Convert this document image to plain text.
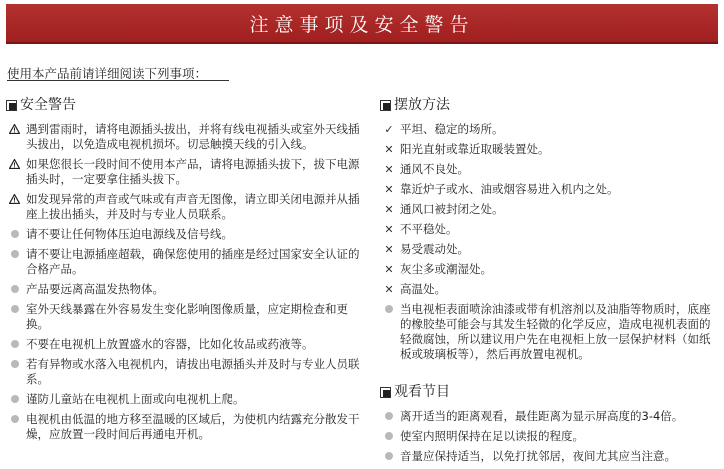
注意事项及安全警告
使用本产品前请详细阅读下列事项：
安全警告
遇到雷雨时，请将电源插头拔出，并将有线电视插头或室外天线插头拔出，以免造成电视机损坏。切忌触摸天线的引入线。
如果您很长一段时间不使用本产品，请将电源插头拔下，拔下电源插头时，一定要拿住插头拔下。
如发现异常的声音或气味或有声音无图像，请立即关闭电源并从插座上拔出插头，并及时与专业人员联系。
请不要让任何物体压迫电源线及信号线。
请不要让电源插座超载，确保您使用的插座是经过国家安全认证的合格产品。
产品要远离高温发热物体。
室外天线暴露在外容易发生变化影响图像质量，应定期检查和更换。
不要在电视机上放置盛水的容器，比如化妆品或药液等。
若有异物或水落入电视机内，请拔出电源插头并及时与专业人员联系。
谨防儿童站在电视机上面或向电视机上爬。
电视机由低温的地方移至温暖的区域后，为使机内结露充分散发干燥，应放置一段时间后再通电开机。
摆放方法
✓ 平坦、稳定的场所。
✕ 阳光直射或靠近取暖装置处。
✕ 通风不良处。
✕ 靠近炉子或水、油或烟容易进入机内之处。
✕ 通风口被封闭之处。
✕ 不平稳处。
✕ 易受震动处。
✕ 灰尘多或潮湿处。
✕ 高温处。
当电视柜表面喷涂油漆或带有机溶剂以及油脂等物质时，底座的橡胶垫可能会与其发生轻微的化学反应，造成电视机表面的轻微腐蚀，所以建议用户先在电视柜上放一层保护材料（如纸板或玻璃板等），然后再放置电视机。
观看节目
离开适当的距离观看，最佳距离为显示屏高度的3-4倍。
使室内照明保持在足以读报的程度。
音量应保持适当，以免打扰邻居，夜间尤其应当注意。
